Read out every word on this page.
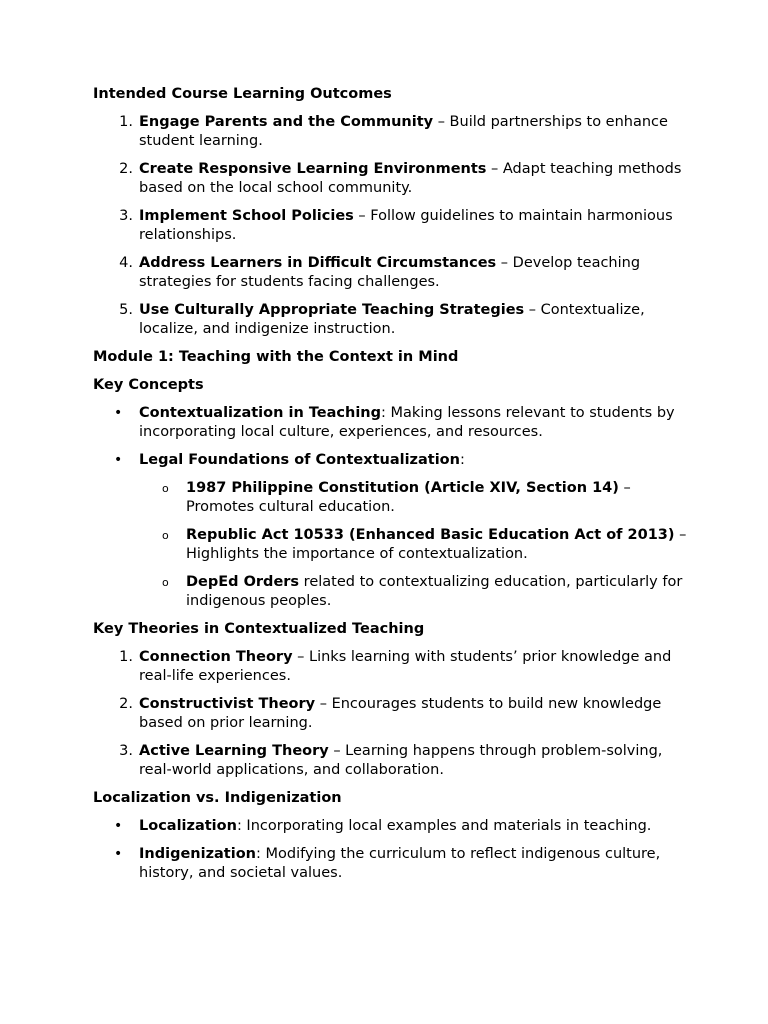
Intended Course Learning Outcomes
1. Engage Parents and the Community – Build partnerships to enhance student learning.
2. Create Responsive Learning Environments – Adapt teaching methods based on the local school community.
3. Implement School Policies – Follow guidelines to maintain harmonious relationships.
4. Address Learners in Difficult Circumstances – Develop teaching strategies for students facing challenges.
5. Use Culturally Appropriate Teaching Strategies – Contextualize, localize, and indigenize instruction.
Module 1: Teaching with the Context in Mind
Key Concepts
• Contextualization in Teaching: Making lessons relevant to students by incorporating local culture, experiences, and resources.
• Legal Foundations of Contextualization:
o 1987 Philippine Constitution (Article XIV, Section 14) – Promotes cultural education.
o Republic Act 10533 (Enhanced Basic Education Act of 2013) – Highlights the importance of contextualization.
o DepEd Orders related to contextualizing education, particularly for indigenous peoples.
Key Theories in Contextualized Teaching
1. Connection Theory – Links learning with students’ prior knowledge and real-life experiences.
2. Constructivist Theory – Encourages students to build new knowledge based on prior learning.
3. Active Learning Theory – Learning happens through problem-solving, real-world applications, and collaboration.
Localization vs. Indigenization
• Localization: Incorporating local examples and materials in teaching.
• Indigenization: Modifying the curriculum to reflect indigenous culture, history, and societal values.
